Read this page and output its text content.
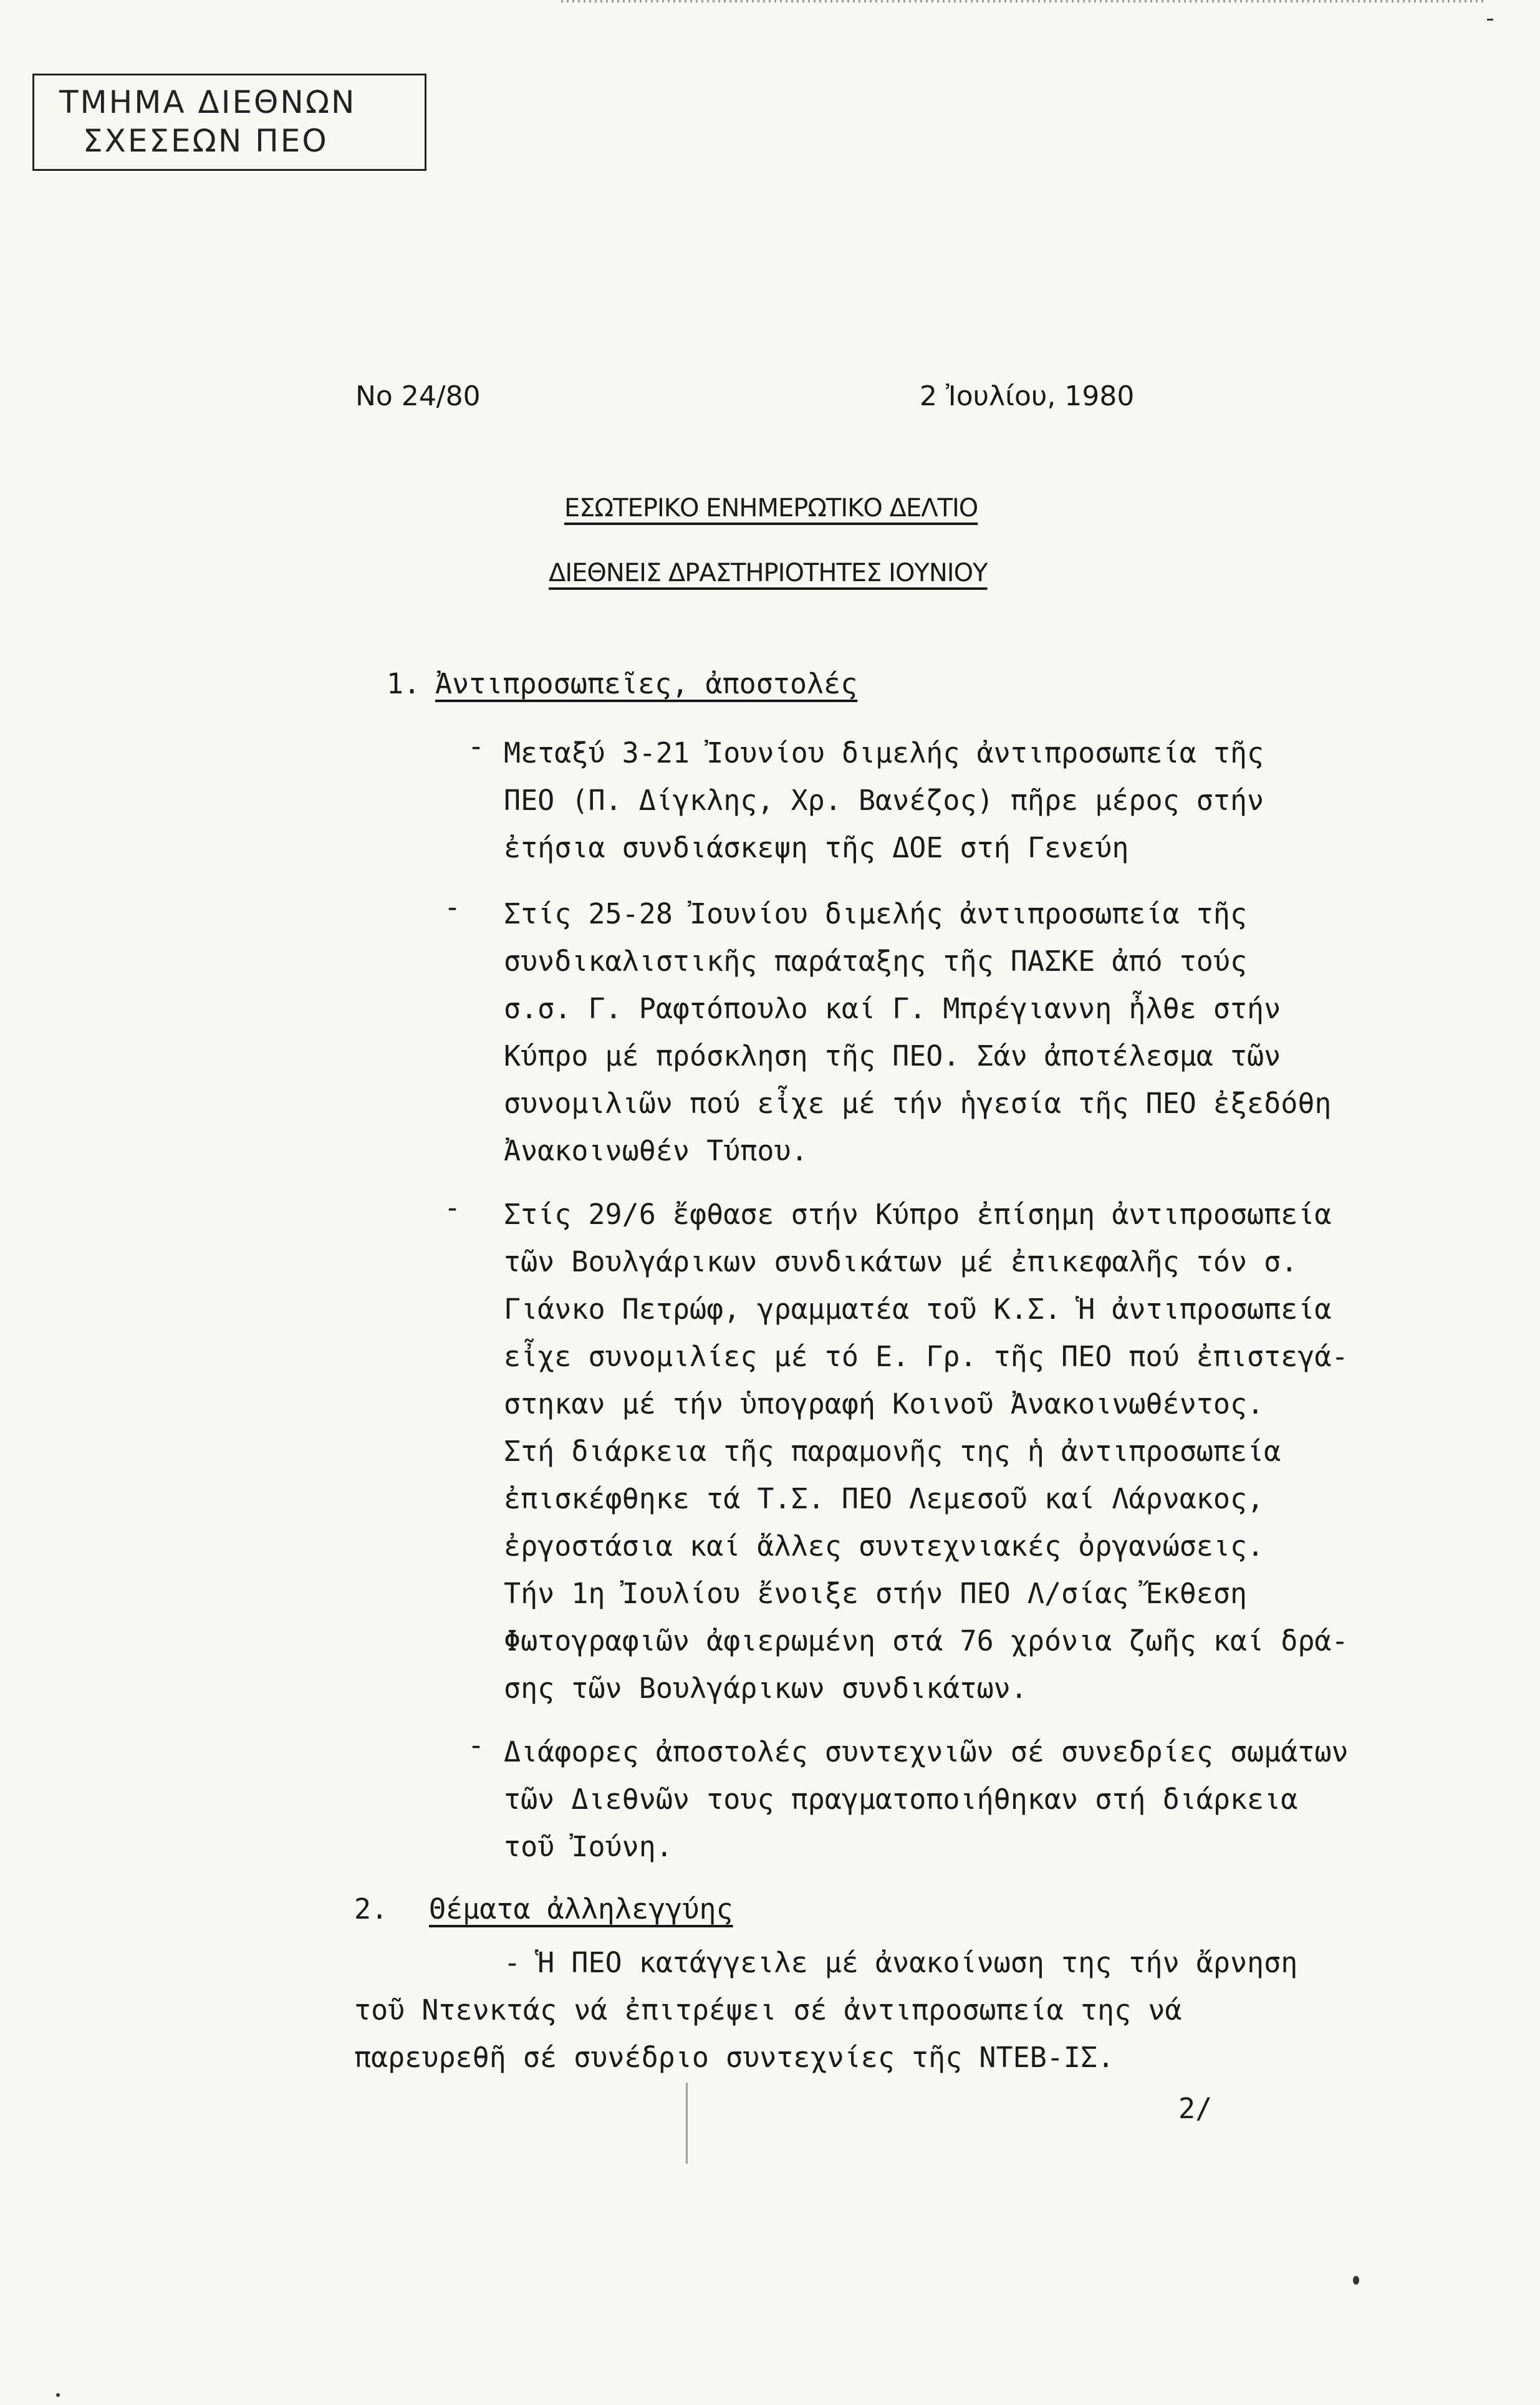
ΤΜΗΜΑ ΔΙΕΘΝΩΝ
ΣΧΕΣΕΩΝ ΠΕΟ
Νο 24/80	2 Ἰουλίου, 1980
ΕΣΩΤΕΡΙΚΟ ΕΝΗΜΕΡΩΤΙΚΟ ΔΕΛΤΙΟ
ΔΙΕΘΝΕΙΣ ΔΡΑΣΤΗΡΙΟΤΗΤΕΣ ΙΟΥΝΙΟΥ
1. Ἀντιπροσωπεῖες, ἀποστολές
- Μεταξύ 3-21 Ἰουνίου διμελής ἀντιπροσωπεία τῆς
ΠΕΟ (Π. Δίγκλης, Χρ. Βανέζος) πῆρε μέρος στήν
ἐτήσια συνδιάσκεψη τῆς ΔΟΕ στή Γενεύη
- Στίς 25-28 Ἰουνίου διμελής ἀντιπροσωπεία τῆς
συνδικαλιστικῆς παράταξης τῆς ΠΑΣΚΕ ἀπό τούς
σ.σ. Γ. Ραφτόπουλο καί Γ. Μπρέγιαννη ἦλθε στήν
Κύπρο μέ πρόσκληση τῆς ΠΕΟ. Σάν ἀποτέλεσμα τῶν
συνομιλιῶν πού εἶχε μέ τήν ἡγεσία τῆς ΠΕΟ ἐξεδόθη
Ἀνακοινωθέν Τύπου.
- Στίς 29/6 ἔφθασε στήν Κύπρο ἐπίσημη ἀντιπροσωπεία
τῶν Βουλγάρικων συνδικάτων μέ ἐπικεφαλῆς τόν σ.
Γιάνκο Πετρώφ, γραμματέα τοῦ Κ.Σ. Ἡ ἀντιπροσωπεία
εἶχε συνομιλίες μέ τό Ε. Γρ. τῆς ΠΕΟ πού ἐπιστεγά-
στηκαν μέ τήν ὑπογραφή Κοινοῦ Ἀνακοινωθέντος.
Στή διάρκεια τῆς παραμονῆς της ἡ ἀντιπροσωπεία
ἐπισκέφθηκε τά Τ.Σ. ΠΕΟ Λεμεσοῦ καί Λάρνακος,
ἐργοστάσια καί ἄλλες συντεχνιακές ὀργανώσεις.
Τήν 1η Ἰουλίου ἔνοιξε στήν ΠΕΟ Λ/σίας Ἔκθεση
Φωτογραφιῶν ἀφιερωμένη στά 76 χρόνια ζωῆς καί δρά-
σης τῶν Βουλγάρικων συνδικάτων.
- Διάφορες ἀποστολές συντεχνιῶν σέ συνεδρίες σωμάτων
τῶν Διεθνῶν τους πραγματοποιήθηκαν στή διάρκεια
τοῦ Ἰούνη.
2. Θέματα ἀλληλεγγύης
- Ἡ ΠΕΟ κατάγγειλε μέ ἀνακοίνωση της τήν ἄρνηση
τοῦ Ντενκτάς νά ἐπιτρέψει σέ ἀντιπροσωπεία της νά
παρευρεθῆ σέ συνέδριο συντεχνίες τῆς ΝΤΕΒ-ΙΣ.
2/
